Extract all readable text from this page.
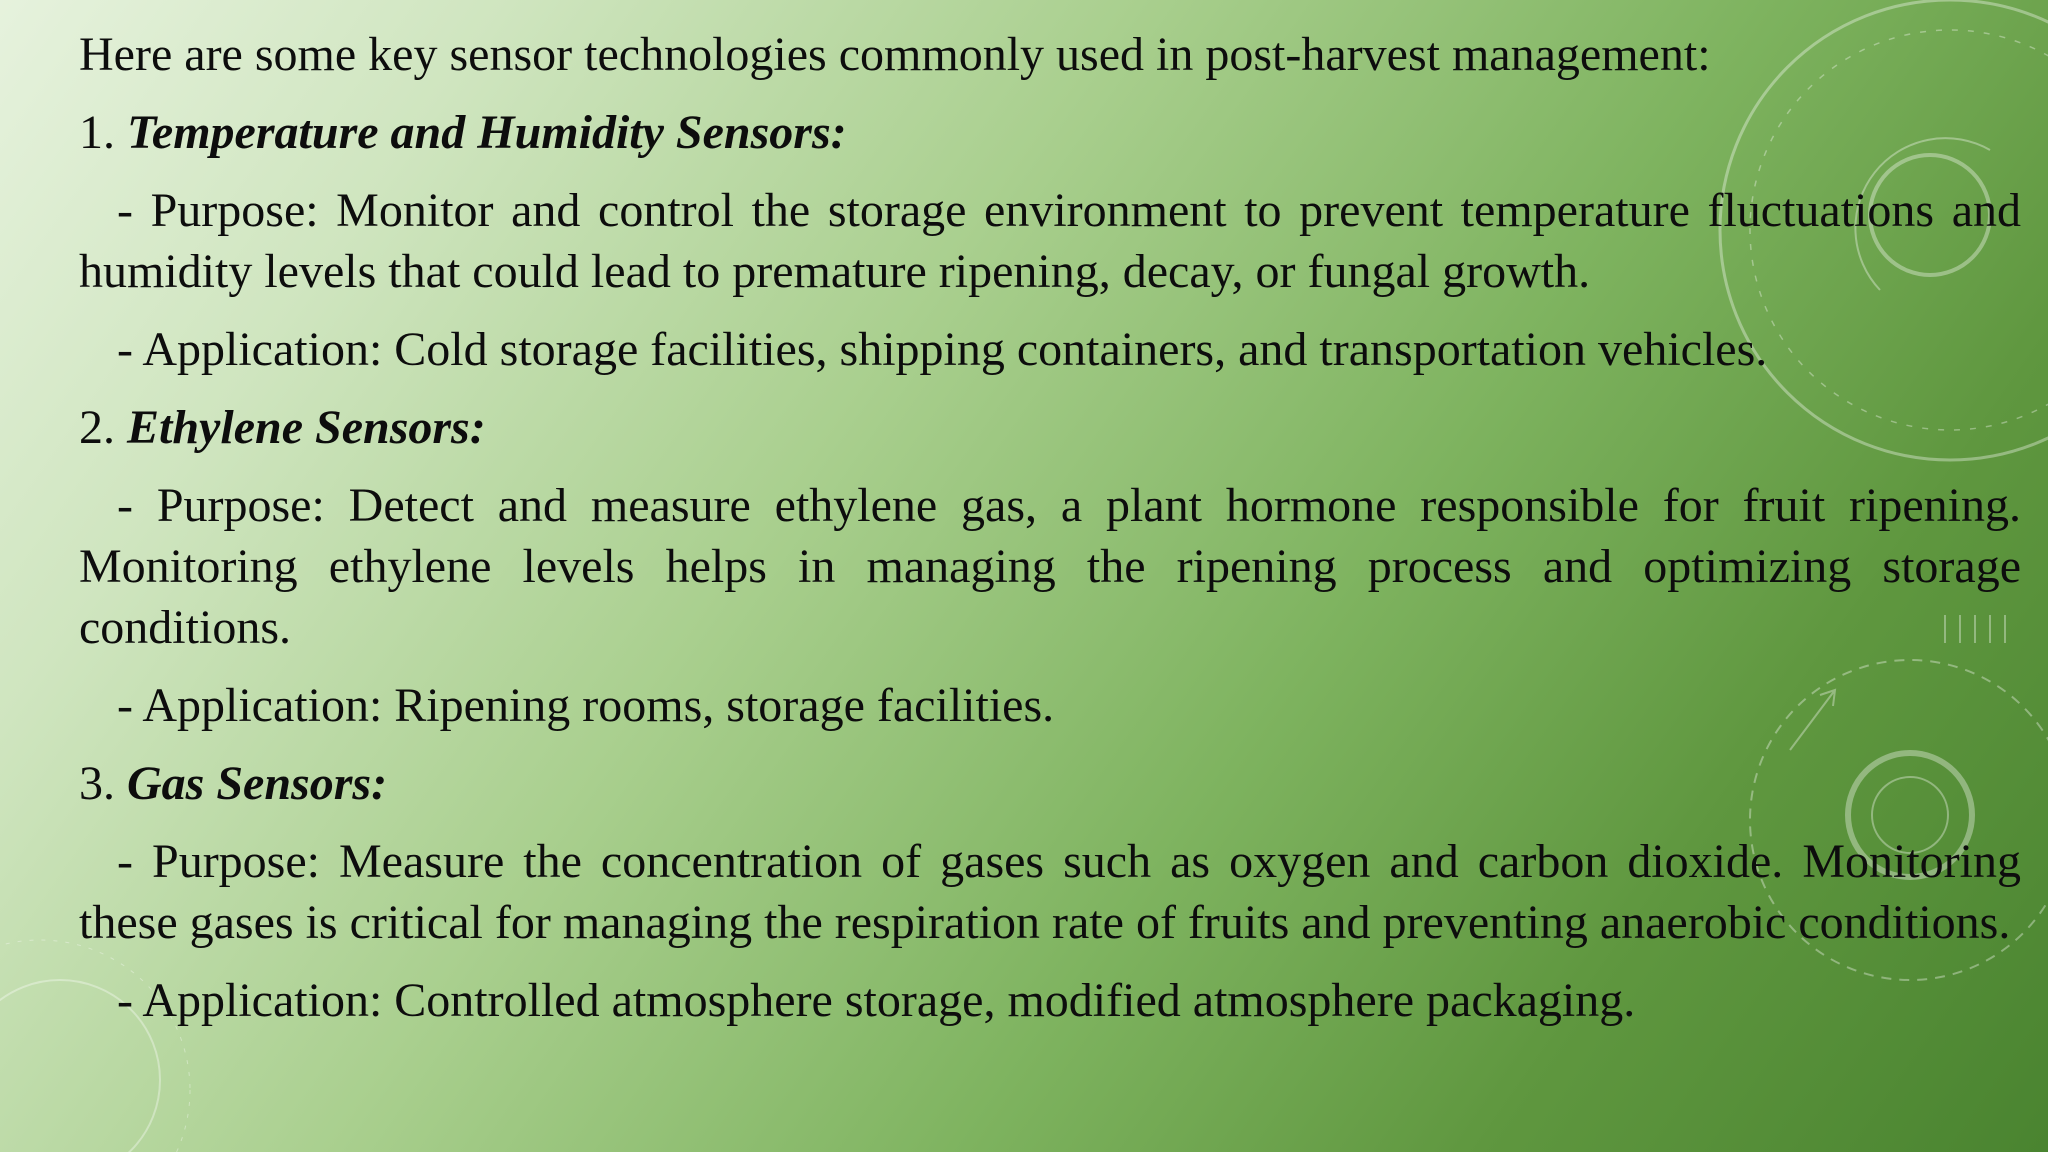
Here are some key sensor technologies commonly used in post-harvest management:

1. Temperature and Humidity Sensors:

- Purpose: Monitor and control the storage environment to prevent temperature fluctuations and humidity levels that could lead to premature ripening, decay, or fungal growth.

- Application: Cold storage facilities, shipping containers, and transportation vehicles.

2. Ethylene Sensors:

- Purpose: Detect and measure ethylene gas, a plant hormone responsible for fruit ripening. Monitoring ethylene levels helps in managing the ripening process and optimizing storage conditions.

- Application: Ripening rooms, storage facilities.

3. Gas Sensors:

- Purpose: Measure the concentration of gases such as oxygen and carbon dioxide. Monitoring these gases is critical for managing the respiration rate of fruits and preventing anaerobic conditions.

- Application: Controlled atmosphere storage, modified atmosphere packaging.
